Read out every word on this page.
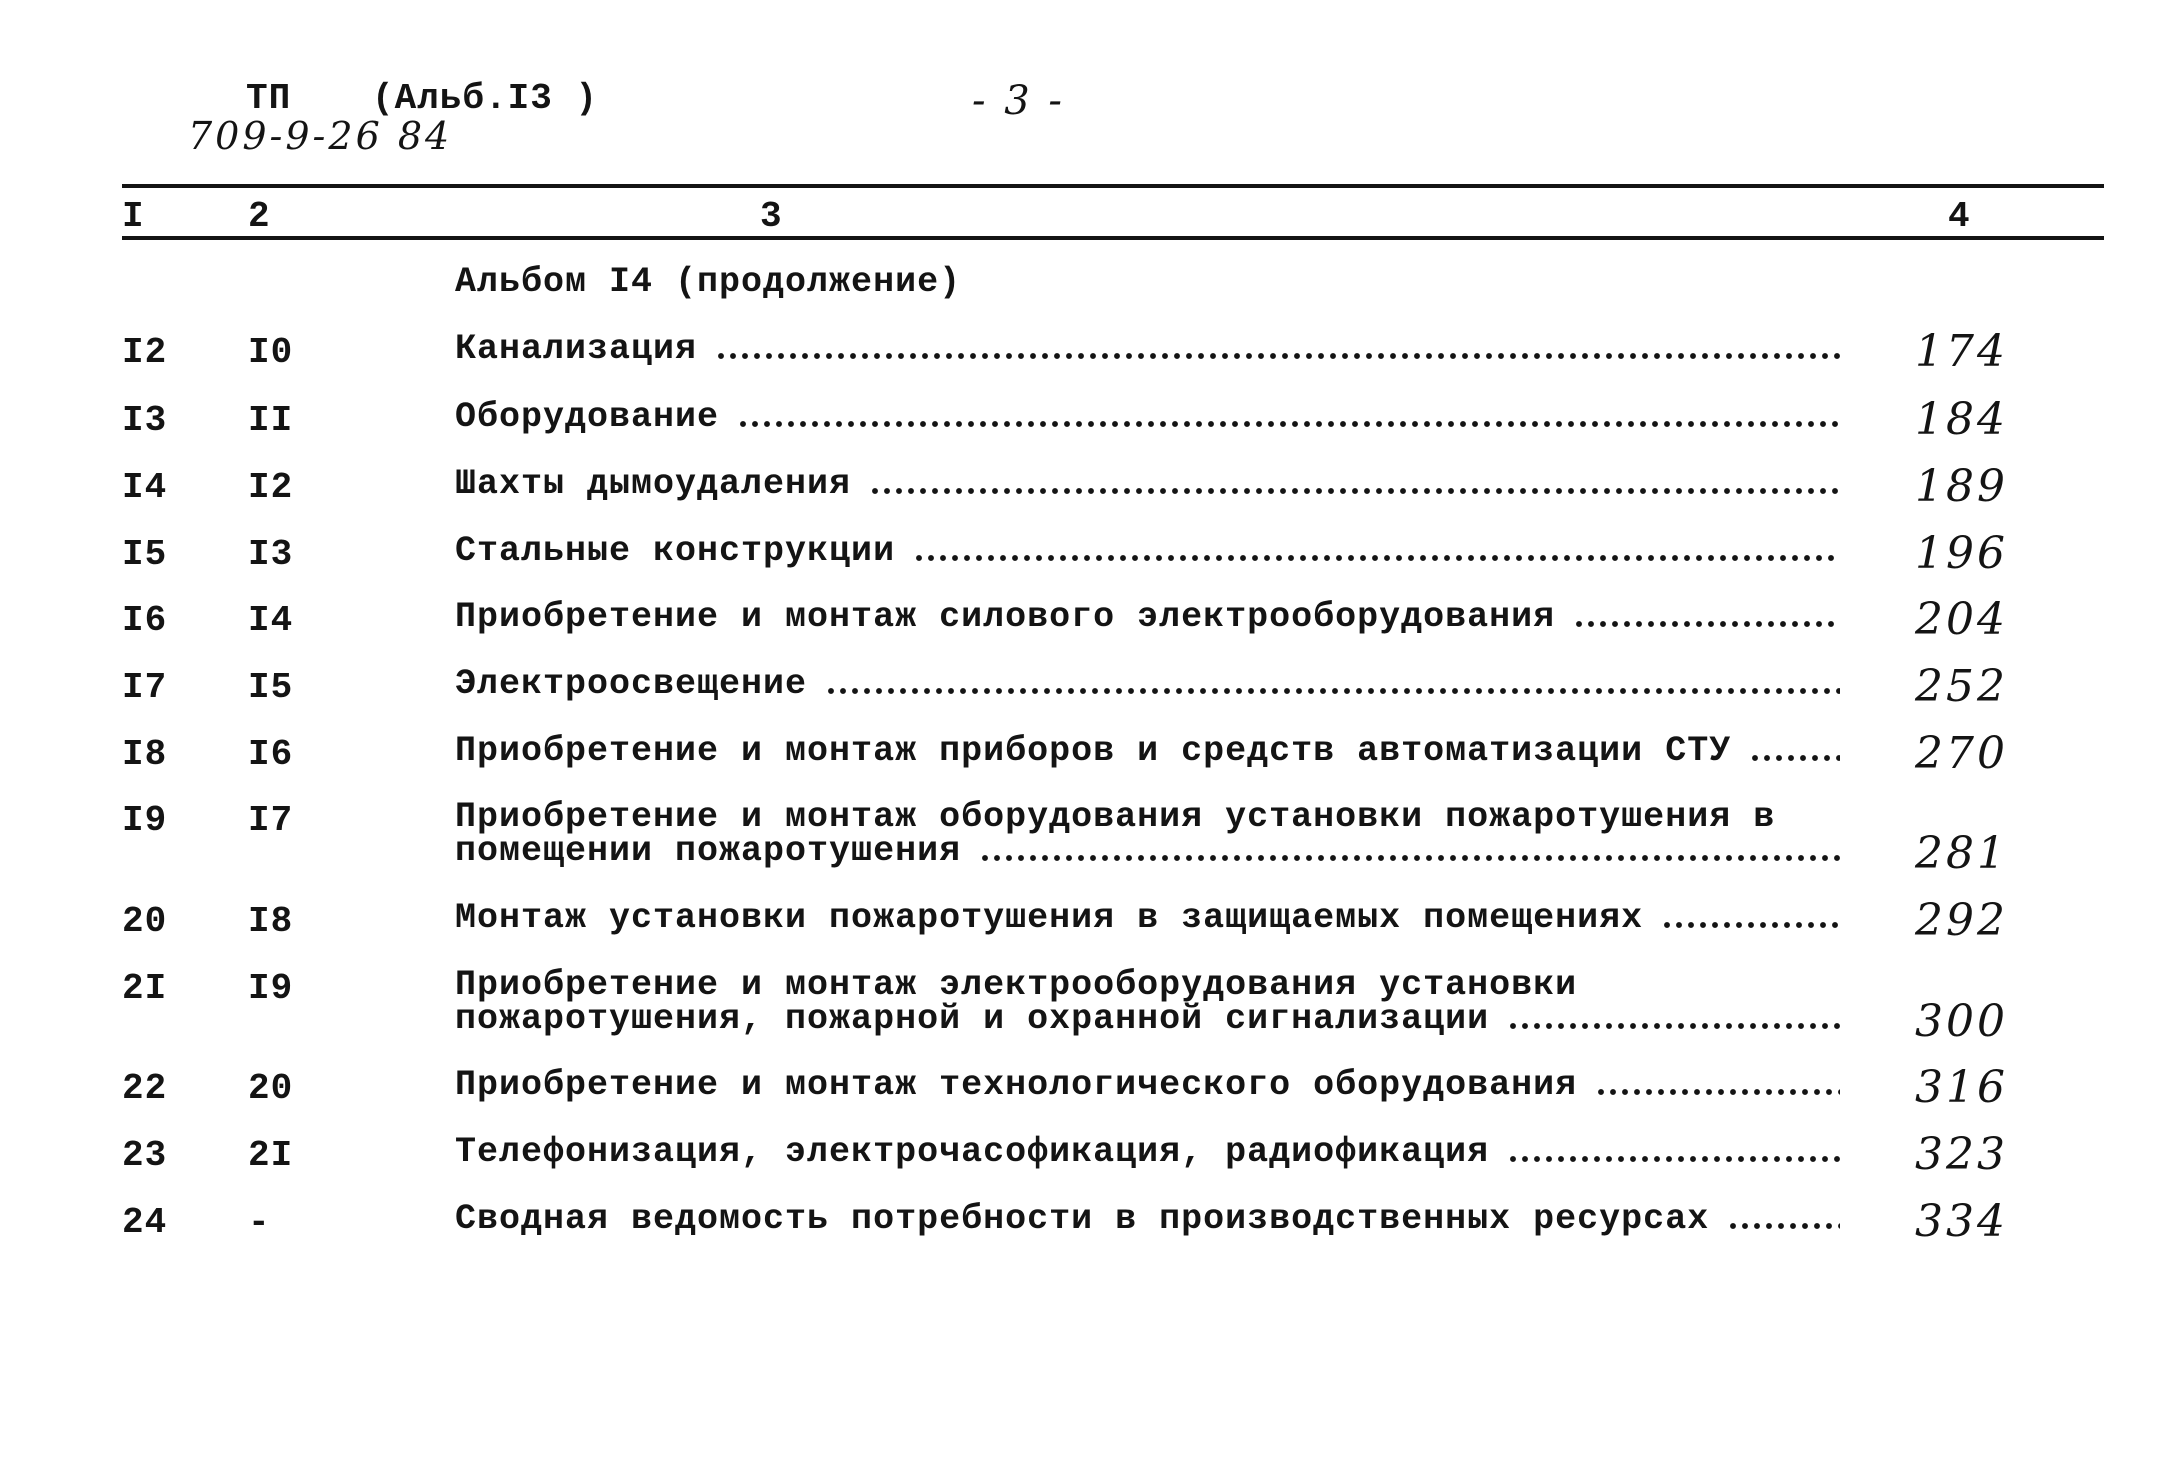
ТП (Альб.I3 )
709-9-26 84
- 3 -
I	2	3	4
Альбом I4 (продолжение)
I2 I0	Канализация	174
I3 II	Оборудование	184
I4 I2	Шахты дымоудаления	189
I5 I3	Стальные конструкции	196
I6 I4	Приобретение и монтаж силового электрооборудования	204
I7 I5	Электроосвещение	252
I8 I6	Приобретение и монтаж приборов и средств автоматизации СТУ	270
I9 I7	Приобретение и монтаж оборудования установки пожаротушения в
помещении пожаротушения	281
20 I8	Монтаж установки пожаротушения в защищаемых помещениях	292
2I I9	Приобретение и монтаж электрооборудования установки
пожаротушения, пожарной и охранной сигнализации	300
22 20	Приобретение и монтаж технологического оборудования	316
23 2I	Телефонизация, электрочасофикация, радиофикация	323
24 -	Сводная ведомость потребности в производственных ресурсах	334
